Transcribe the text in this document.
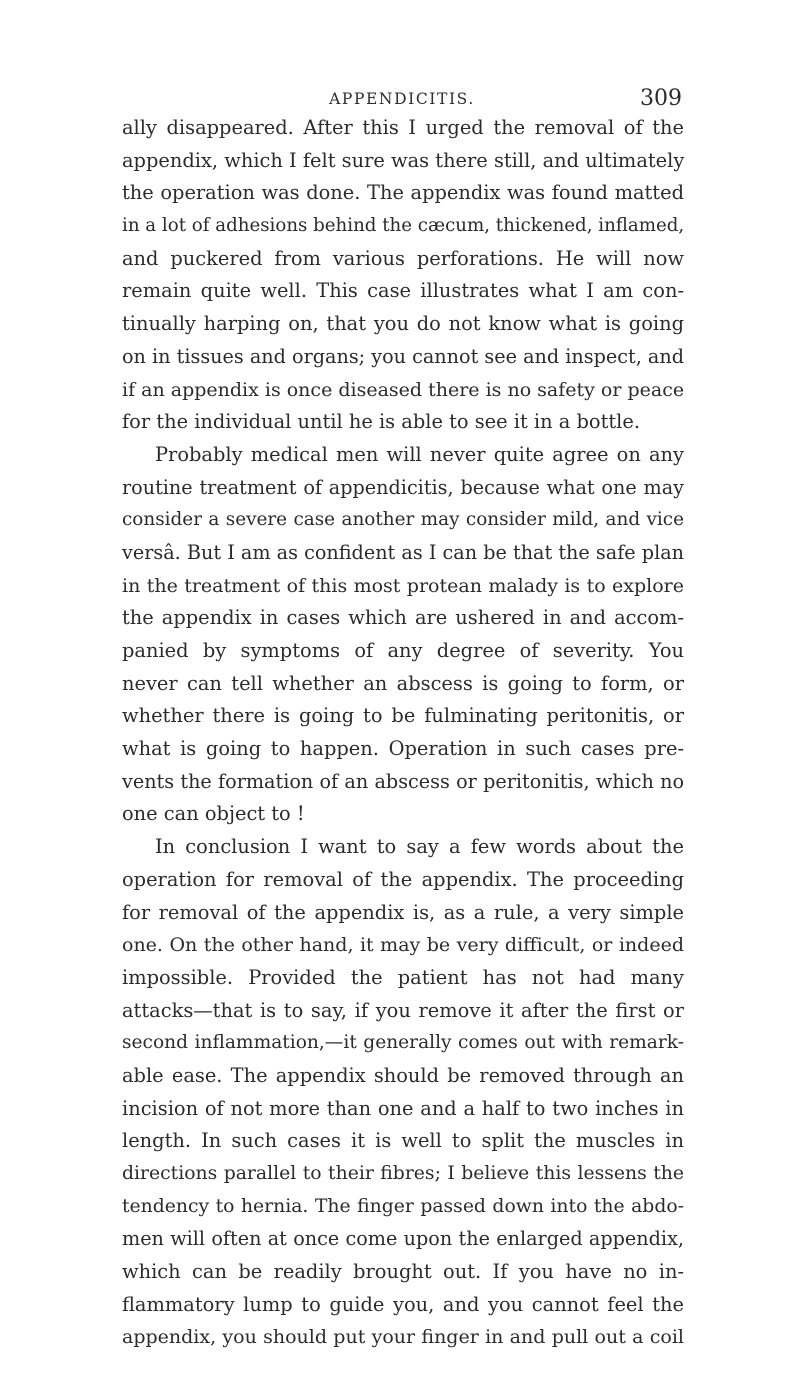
APPENDICITIS.	309
ally disappeared. After this I urged the removal of the
appendix, which I felt sure was there still, and ultimately
the operation was done. The appendix was found matted
in a lot of adhesions behind the cæcum, thickened, inflamed,
and puckered from various perforations. He will now
remain quite well. This case illustrates what I am con-
tinually harping on, that you do not know what is going
on in tissues and organs; you cannot see and inspect, and
if an appendix is once diseased there is no safety or peace
for the individual until he is able to see it in a bottle.
Probably medical men will never quite agree on any
routine treatment of appendicitis, because what one may
consider a severe case another may consider mild, and vice
versâ. But I am as confident as I can be that the safe plan
in the treatment of this most protean malady is to explore
the appendix in cases which are ushered in and accom-
panied by symptoms of any degree of severity. You
never can tell whether an abscess is going to form, or
whether there is going to be fulminating peritonitis, or
what is going to happen. Operation in such cases pre-
vents the formation of an abscess or peritonitis, which no
one can object to !
In conclusion I want to say a few words about the
operation for removal of the appendix. The proceeding
for removal of the appendix is, as a rule, a very simple
one. On the other hand, it may be very difficult, or indeed
impossible. Provided the patient has not had many
attacks—that is to say, if you remove it after the first or
second inflammation,—it generally comes out with remark-
able ease. The appendix should be removed through an
incision of not more than one and a half to two inches in
length. In such cases it is well to split the muscles in
directions parallel to their fibres; I believe this lessens the
tendency to hernia. The finger passed down into the abdo-
men will often at once come upon the enlarged appendix,
which can be readily brought out. If you have no in-
flammatory lump to guide you, and you cannot feel the
appendix, you should put your finger in and pull out a coil
